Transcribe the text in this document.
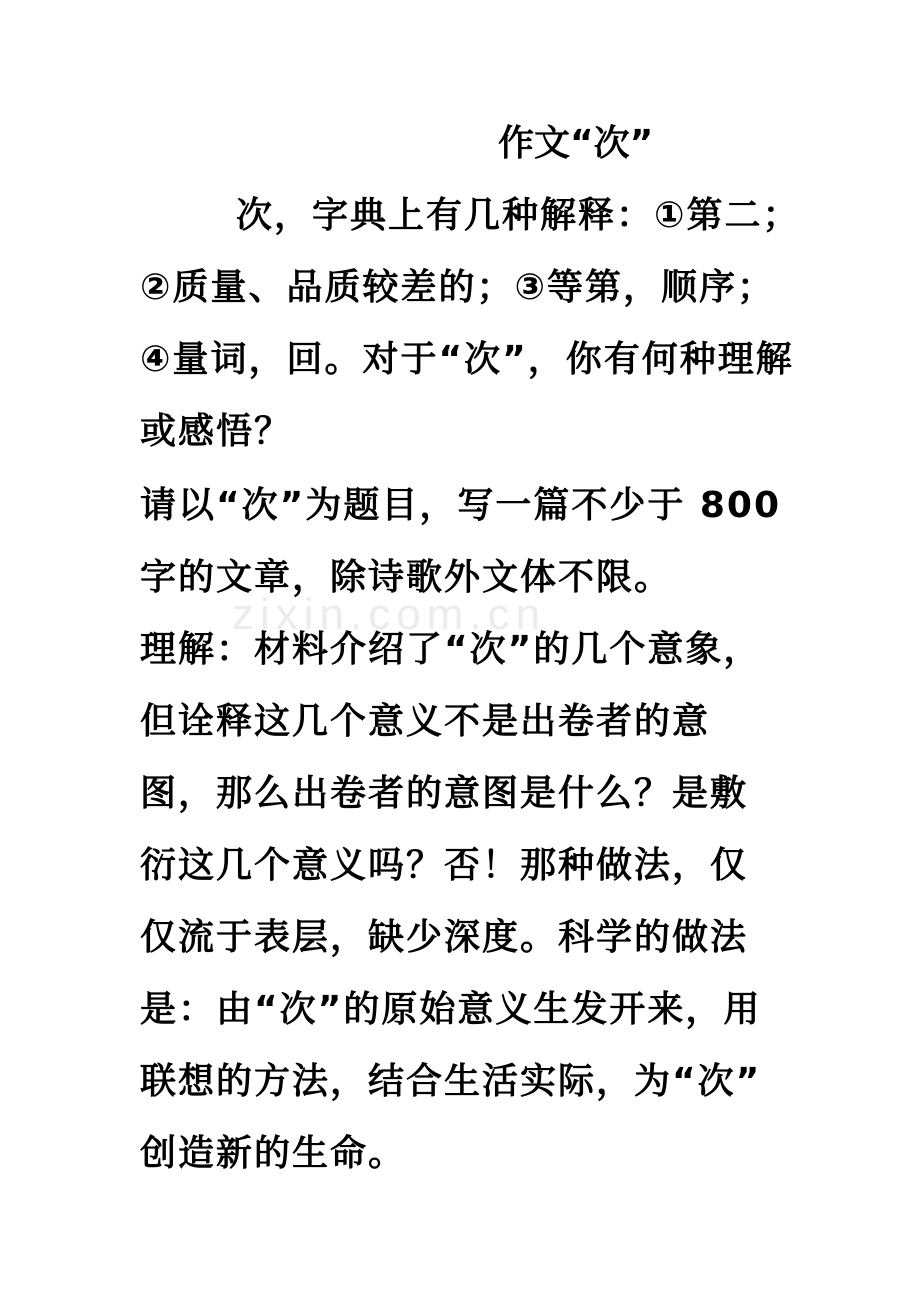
zixin.com.cn
作文“次”
次，字典上有几种解释：①第二；
②质量、品质较差的；③等第，顺序；
④量词，回。对于“次”，你有何种理解
或感悟？
请以“次”为题目，写一篇不少于 800
字的文章，除诗歌外文体不限。
理解：材料介绍了“次”的几个意象，
但诠释这几个意义不是出卷者的意
图，那么出卷者的意图是什么？是敷
衍这几个意义吗？否！那种做法，仅
仅流于表层，缺少深度。科学的做法
是：由“次”的原始意义生发开来，用
联想的方法，结合生活实际，为“次”
创造新的生命。
